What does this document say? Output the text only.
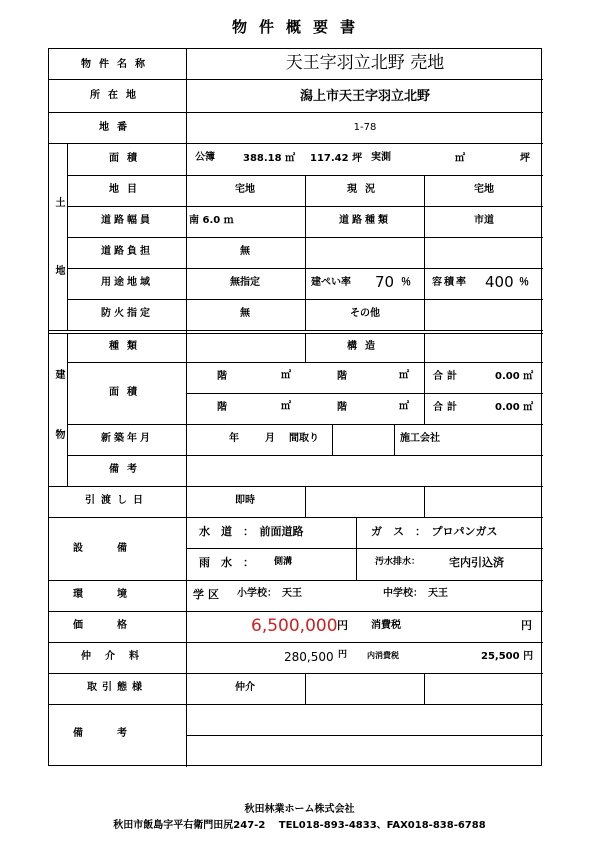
物件概要書
物件名称	天王字羽立北野 売地
所在地	潟上市天王字羽立北野
地番	1-78
土地
面積	公簿	388.18 ㎡ 117.42 坪 実測	㎡	坪
地目	宅地	現況	宅地
道路幅員	南 6.0 ｍ	道路種類	市道
道路負担	無
用途地域	無指定	建ぺい率 70 ％ 容積率 400 ％
防火指定	無	その他
建物
種類	構造
面積
階	㎡	階	㎡ 合計	0.00 ㎡
階	㎡	階	㎡ 合計	0.00 ㎡
新築年月	年	月 間取り	施工会社
備考
引渡し日	即時
設備
水　道　：　前面道路	ガ　ス　：　プロパンガス
雨　水　： 側溝	汚水排水：	宅内引込済
環境	学区 小学校：　天王	中学校：　天王
価格	6,500,000 円 消費税	円
仲介料	280,500 円 内消費税	25,500 円
取引態様	仲介
備考
秋田林業ホーム株式会社
秋田市飯島字平右衛門田尻247-2　 TEL018-893-4833、FAX018-838-6788
